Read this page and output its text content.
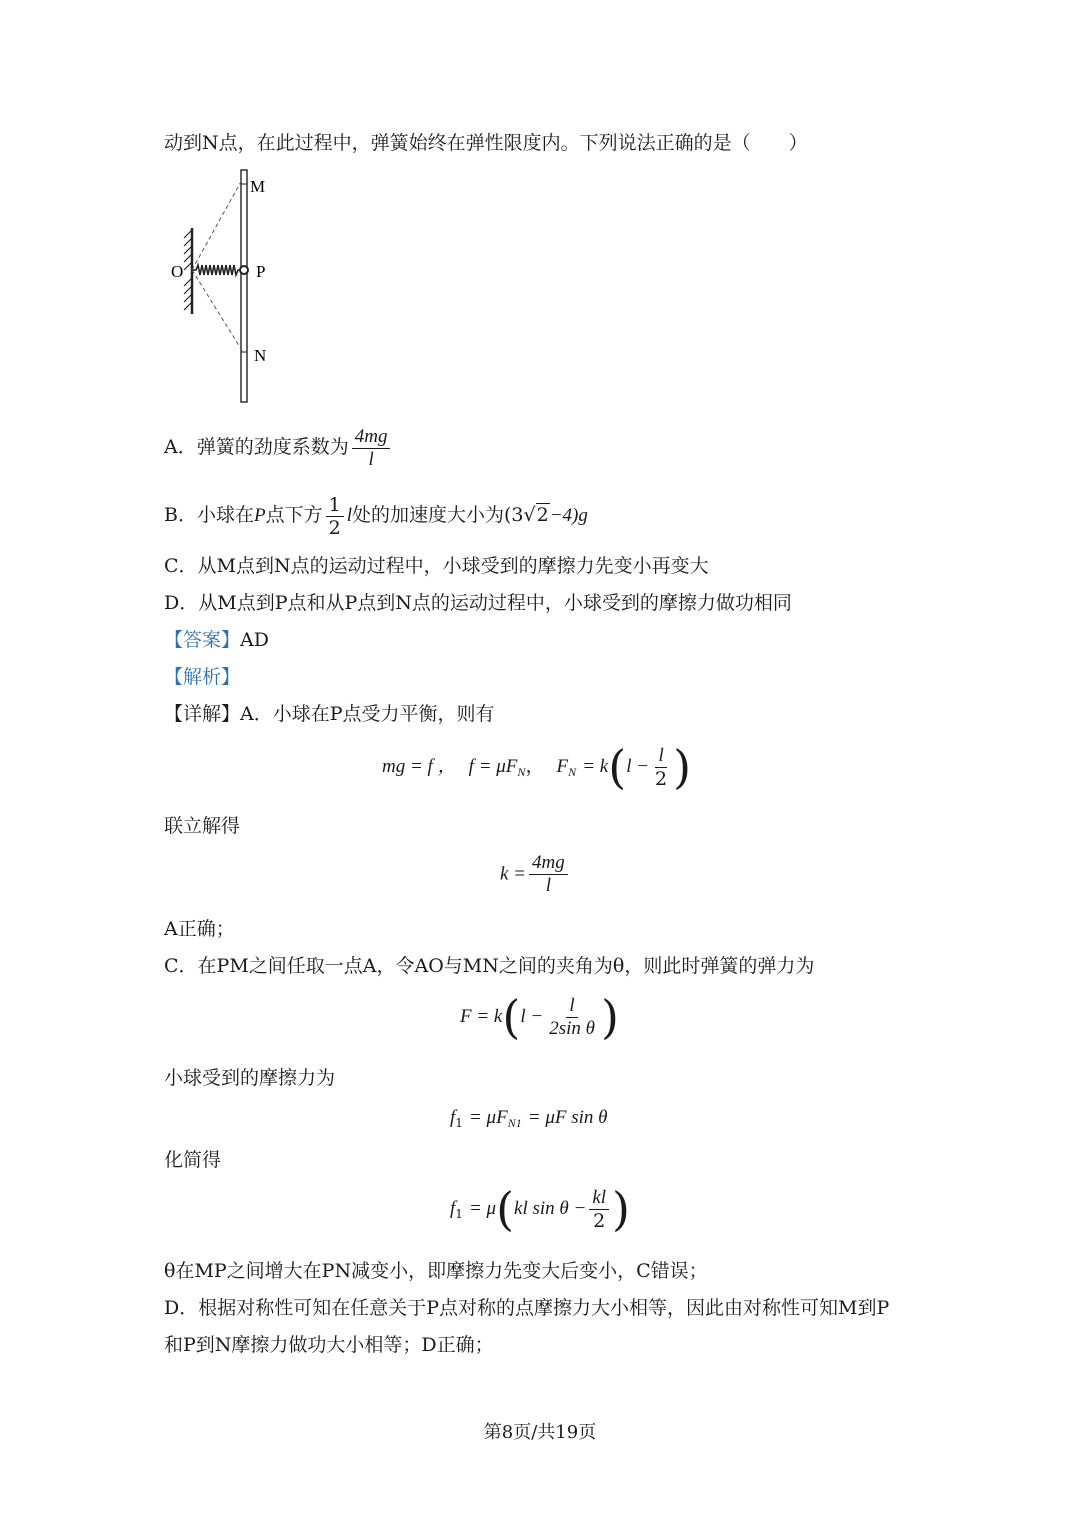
动到N点，在此过程中，弹簧始终在弹性限度内。下列说法正确的是（　　）
M
O	P
N
A．弹簧的劲度系数为 $\frac{4mg}{l}$
B．小球在P点下方 $\frac{1}{2}$ l处的加速度大小为(3√2−4)g
C．从M点到N点的运动过程中，小球受到的摩擦力先变小再变大
D．从M点到P点和从P点到N点的运动过程中，小球受到的摩擦力做功相同
【答案】AD
【解析】
【详解】A．小球在P点受力平衡，则有
mg = f ， $f = \mu F_N$， $F_N = k(l - \frac{l}{2}$ )
联立解得
$k = \frac{4mg}{l}$
A正确；
C．在PM之间任取一点A，令AO与MN之间的夹角为θ，则此时弹簧的弹力为
$F = k(l - \frac{l}{\text{2sin θ}}$ )
小球受到的摩擦力为
$f_1 = \mu F_{N1} = \mu F$ sin θ
化简得
$f_1 = \mu(kl$ $\sin \theta - \frac{kl}{2}$ )
θ在MP之间增大在PN减变小，即摩擦力先变大后变小，C错误；
D．根据对称性可知在任意关于P点对称的点摩擦力大小相等，因此由对称性可知M到P
和P到N摩擦力做功大小相等；D正确；
第8页/共19页
